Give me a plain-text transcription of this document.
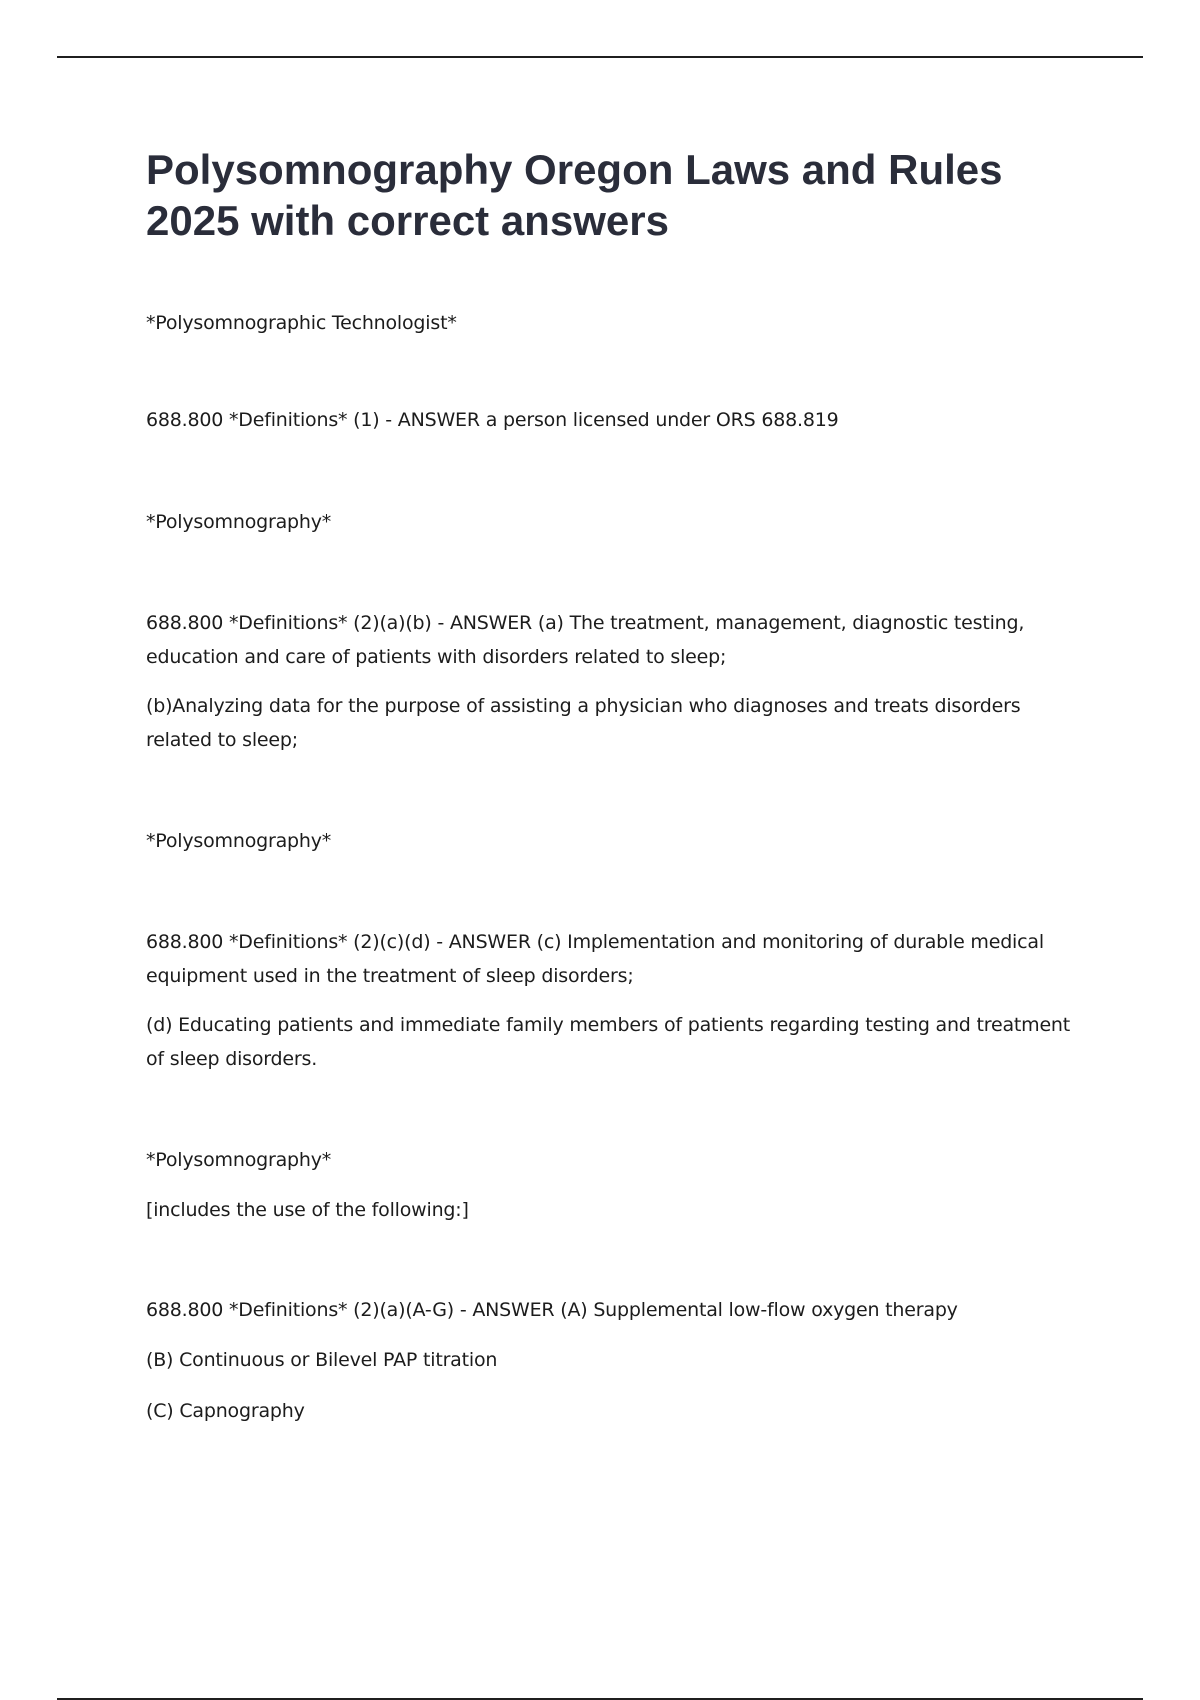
Polysomnography Oregon Laws and Rules 2025 with correct answers

*Polysomnographic Technologist*

688.800 *Definitions* (1) - ANSWER a person licensed under ORS 688.819

*Polysomnography*

688.800 *Definitions* (2)(a)(b) - ANSWER (a) The treatment, management, diagnostic testing, education and care of patients with disorders related to sleep;

(b)Analyzing data for the purpose of assisting a physician who diagnoses and treats disorders related to sleep;

*Polysomnography*

688.800 *Definitions* (2)(c)(d) - ANSWER (c) Implementation and monitoring of durable medical equipment used in the treatment of sleep disorders;

(d) Educating patients and immediate family members of patients regarding testing and treatment of sleep disorders.

*Polysomnography*

[includes the use of the following:]

688.800 *Definitions* (2)(a)(A-G) - ANSWER (A) Supplemental low-flow oxygen therapy

(B) Continuous or Bilevel PAP titration

(C) Capnography
